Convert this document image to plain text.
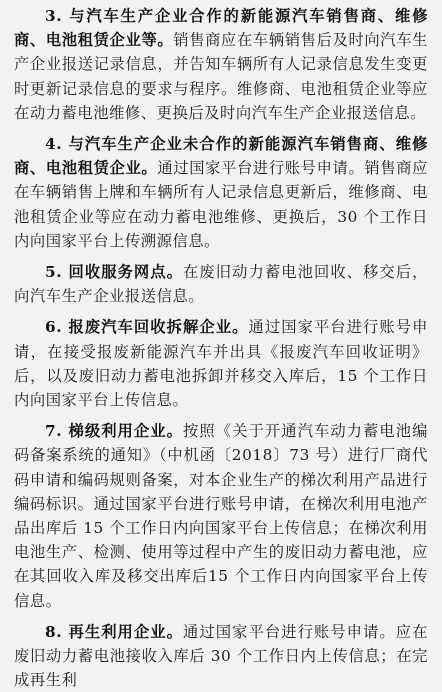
3. 与汽车生产企业合作的新能源汽车销售商、维修商、电池租赁企业等。销售商应在车辆销售后及时向汽车生产企业报送记录信息，并告知车辆所有人记录信息发生变更时更新记录信息的要求与程序。维修商、电池租赁企业等应在动力蓄电池维修、更换后及时向汽车生产企业报送信息。

4. 与汽车生产企业未合作的新能源汽车销售商、维修商、电池租赁企业。通过国家平台进行账号申请。销售商应在车辆销售上牌和车辆所有人记录信息更新后，维修商、电池租赁企业等应在动力蓄电池维修、更换后，30 个工作日内向国家平台上传溯源信息。

5. 回收服务网点。在废旧动力蓄电池回收、移交后，向汽车生产企业报送信息。

6. 报废汽车回收拆解企业。通过国家平台进行账号申请，在接受报废新能源汽车并出具《报废汽车回收证明》后，以及废旧动力蓄电池拆卸并移交入库后，15 个工作日内向国家平台上传信息。

7. 梯级利用企业。按照《关于开通汽车动力蓄电池编码备案系统的通知》（中机函〔2018〕73 号）进行厂商代码申请和编码规则备案，对本企业生产的梯次利用产品进行编码标识。通过国家平台进行账号申请，在梯次利用电池产品出库后 15 个工作日内向国家平台上传信息；在梯次利用电池生产、检测、使用等过程中产生的废旧动力蓄电池，应在其回收入库及移交出库后15 个工作日内向国家平台上传信息。

8. 再生利用企业。通过国家平台进行账号申请。应在废旧动力蓄电池接收入库后 30 个工作日内上传信息；在完成再生利
